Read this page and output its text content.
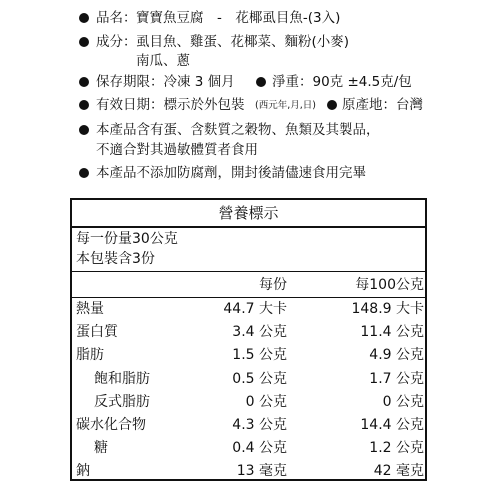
品名： 寶寶魚豆腐　-　花椰虱目魚-(3入)
成分： 虱目魚、雞蛋、花椰菜、麵粉(小麥)
南瓜、蔥
保存期限：冷凍 3 個月	淨重：90克 ±4.5克/包
有效日期：標示於外包裝 (西元年,月,日) 原產地：台灣
本產品含有蛋、含麩質之穀物、魚類及其製品，
不適合對其過敏體質者食用
本產品不添加防腐劑，開封後請儘速食用完畢
營養標示
每一份量30公克
本包裝含3份
每份	每100公克
熱量	44.7 大卡	148.9 大卡
蛋白質	3.4 公克	11.4 公克
脂肪	1.5 公克	4.9 公克
飽和脂肪	0.5 公克	1.7 公克
反式脂肪	0 公克	0 公克
碳水化合物	4.3 公克	14.4 公克
糖	0.4 公克	1.2 公克
鈉	13 毫克	42 毫克
